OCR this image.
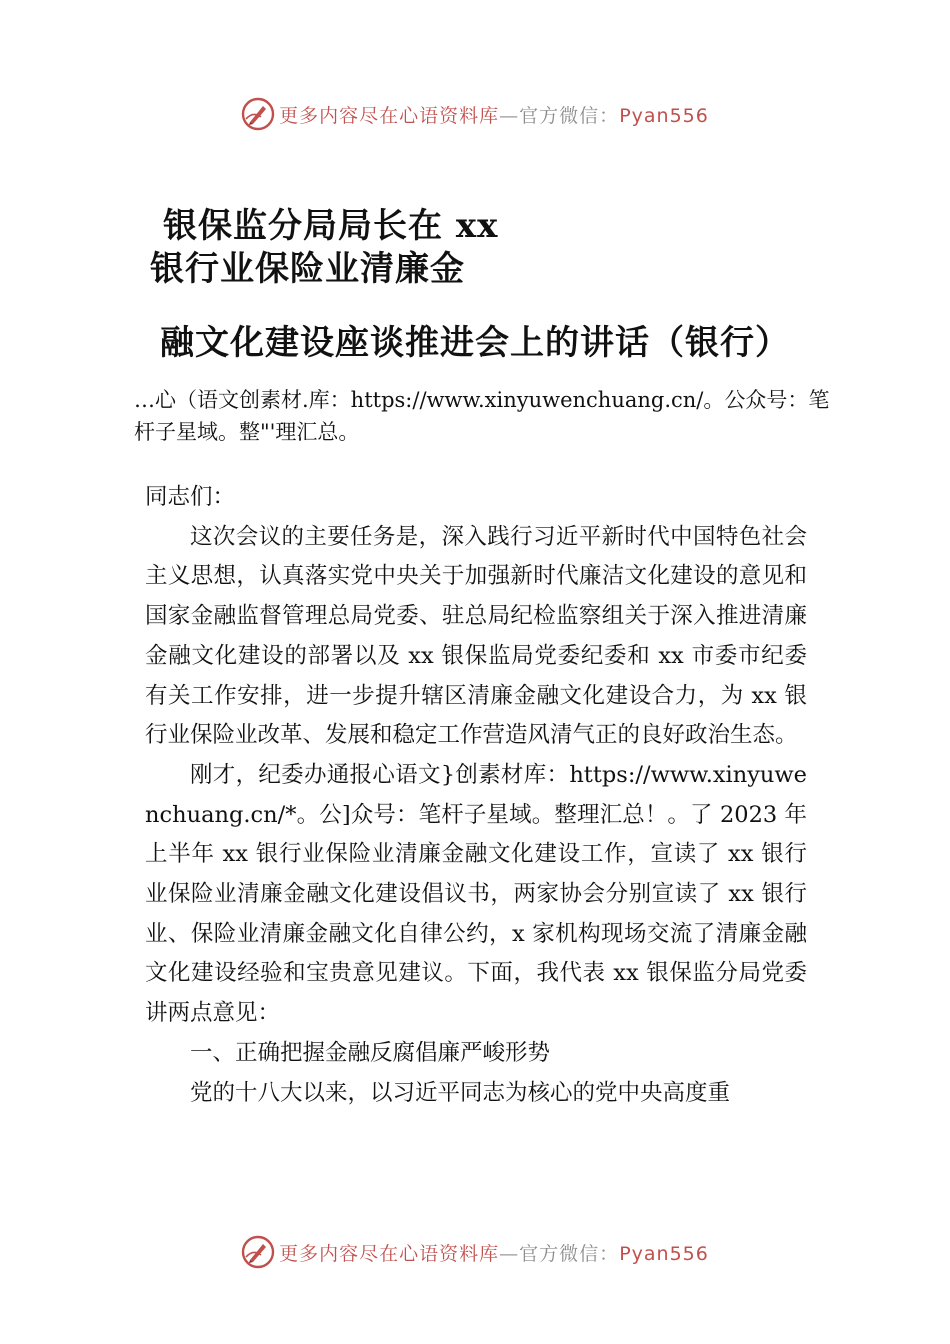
更多内容尽在心语资料库—官方微信：Pyan556
银保监分局局长在 xx
银行业保险业清廉金
融文化建设座谈推进会上的讲话（银行）
…心（语文创素材.库：https://www.xinyuwenchuang.cn/。公众号：笔杆子星域。整"'理汇总。

同志们：

这次会议的主要任务是，深入践行习近平新时代中国特色社会主义思想，认真落实党中央关于加强新时代廉洁文化建设的意见和国家金融监督管理总局党委、驻总局纪检监察组关于深入推进清廉金融文化建设的部署以及 xx 银保监局党委纪委和 xx 市委市纪委有关工作安排，进一步提升辖区清廉金融文化建设合力，为 xx 银行业保险业改革、发展和稳定工作营造风清气正的良好政治生态。

刚才，纪委办通报心语文}创素材库：https://www.xinyuwenchuang.cn/*。公]众号：笔杆子星域。整理汇总！。了 2023 年上半年 xx 银行业保险业清廉金融文化建设工作，宣读了 xx 银行业保险业清廉金融文化建设倡议书，两家协会分别宣读了 xx 银行业、保险业清廉金融文化自律公约，x 家机构现场交流了清廉金融文化建设经验和宝贵意见建议。下面，我代表 xx 银保监分局党委讲两点意见：

一、正确把握金融反腐倡廉严峻形势

党的十八大以来，以习近平同志为核心的党中央高度重

更多内容尽在心语资料库—官方微信：Pyan556
